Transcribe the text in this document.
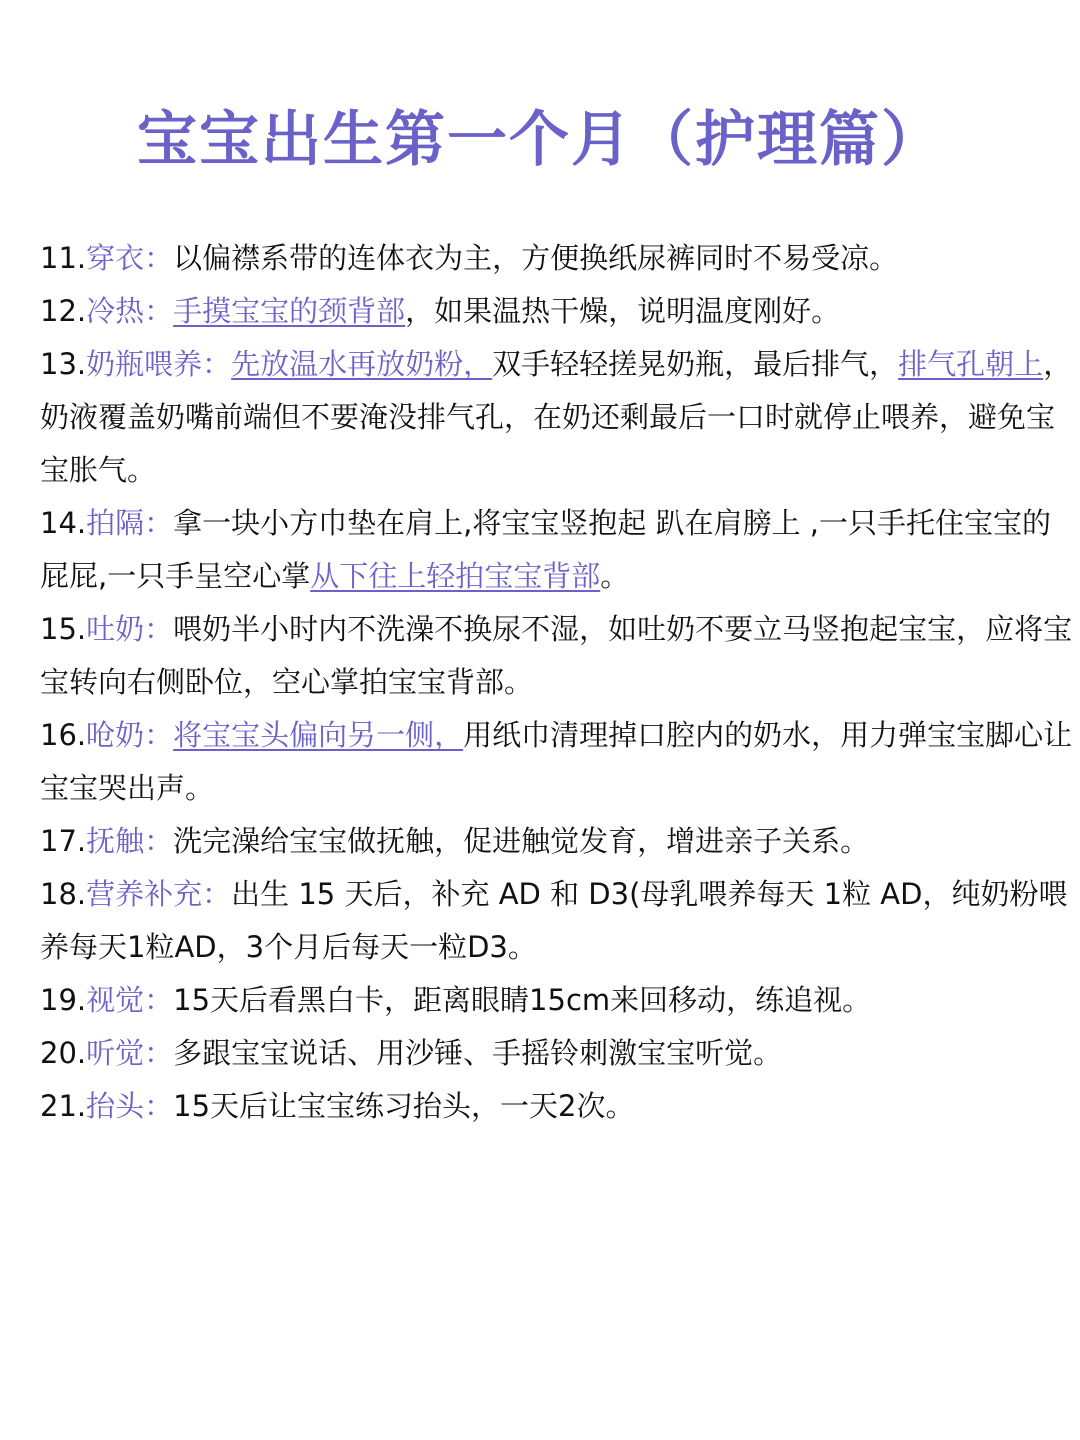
宝宝出生第一个月（护理篇）

11.穿衣：以偏襟系带的连体衣为主，方便换纸尿裤同时不易受凉。

12.冷热：手摸宝宝的颈背部，如果温热干燥，说明温度刚好。

13.奶瓶喂养：先放温水再放奶粉，双手轻轻搓晃奶瓶，最后排气，排气孔朝上，奶液覆盖奶嘴前端但不要淹没排气孔，在奶还剩最后一口时就停止喂养，避免宝宝胀气。

14.拍隔：拿一块小方巾垫在肩上,将宝宝竖抱起 趴在肩膀上 ,一只手托住宝宝的屁屁,一只手呈空心掌从下往上轻拍宝宝背部。

15.吐奶：喂奶半小时内不洗澡不换尿不湿，如吐奶不要立马竖抱起宝宝，应将宝宝转向右侧卧位，空心掌拍宝宝背部。

16.呛奶：将宝宝头偏向另一侧，用纸巾清理掉口腔内的奶水，用力弹宝宝脚心让宝宝哭出声。

17.抚触：洗完澡给宝宝做抚触，促进触觉发育，增进亲子关系。

18.营养补充：出生 15 天后，补充 AD 和 D3(母乳喂养每天 1粒 AD，纯奶粉喂养每天1粒AD，3个月后每天一粒D3。

19.视觉：15天后看黑白卡，距离眼睛15cm来回移动，练追视。

20.听觉：多跟宝宝说话、用沙锤、手摇铃刺激宝宝听觉。

21.抬头：15天后让宝宝练习抬头，一天2次。
